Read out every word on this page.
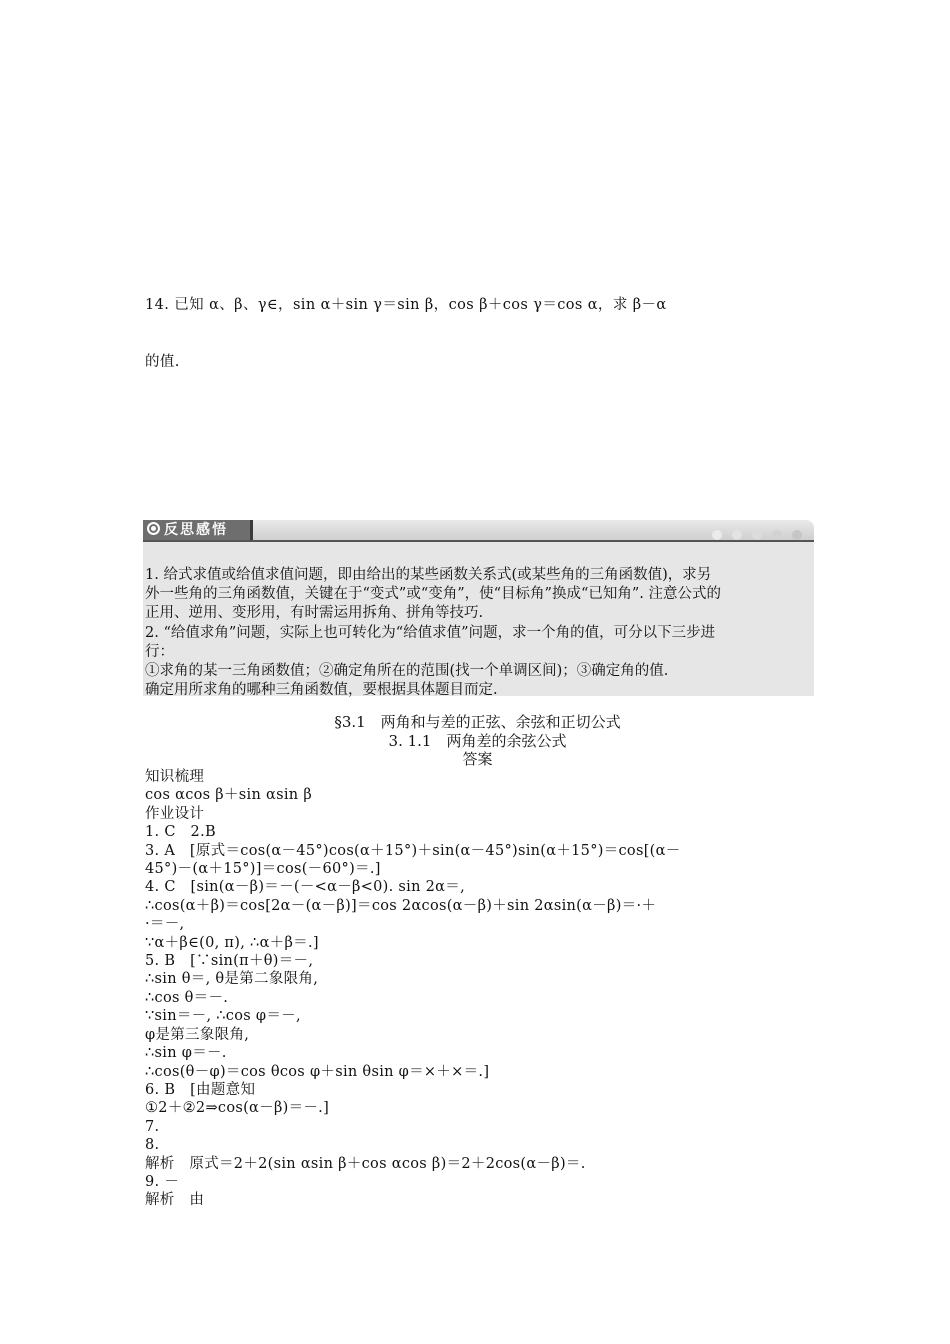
14. 已知 α、β、γ∈，sin α＋sin γ＝sin β，cos β＋cos γ＝cos α，求 β－α

的值.

反思感悟
1. 给式求值或给值求值问题，即由给出的某些函数关系式(或某些角的三角函数值)，求另
外一些角的三角函数值，关键在于“变式”或“变角”，使“目标角”换成“已知角”. 注意公式的
正用、逆用、变形用，有时需运用拆角、拼角等技巧.
2. “给值求角”问题，实际上也可转化为“给值求值”问题，求一个角的值，可分以下三步进
行：
①求角的某一三角函数值；②确定角所在的范围(找一个单调区间)；③确定角的值.
确定用所求角的哪种三角函数值，要根据具体题目而定.
§3.1　两角和与差的正弦、余弦和正切公式
3. 1.1　两角差的余弦公式
答案
知识梳理
cos αcos β＋sin αsin β
作业设计
1. C　2.B
3. A　[原式＝cos(α－45°)cos(α＋15°)＋sin(α－45°)sin(α＋15°)＝cos[(α－
45°)－(α＋15°)]＝cos(－60°)＝.]
4. C　[sin(α－β)＝－(－<α－β<0). sin 2α＝,
∴cos(α＋β)＝cos[2α－(α－β)]＝cos 2αcos(α－β)＋sin 2αsin(α－β)＝·＋
·＝－,
∵α＋β∈(0, π), ∴α＋β＝.]
5. B　[∵sin(π＋θ)＝－,
∴sin θ＝, θ是第二象限角,
∴cos θ＝－.
∵sin＝－, ∴cos φ＝－,
φ是第三象限角,
∴sin φ＝－.
∴cos(θ－φ)＝cos θcos φ＋sin θsin φ＝×＋×＝.]
6. B　[由题意知
①2＋②2⇒cos(α－β)＝－.]
7.
8.
解析　原式＝2＋2(sin αsin β＋cos αcos β)＝2＋2cos(α－β)＝.
9. －
解析　由
